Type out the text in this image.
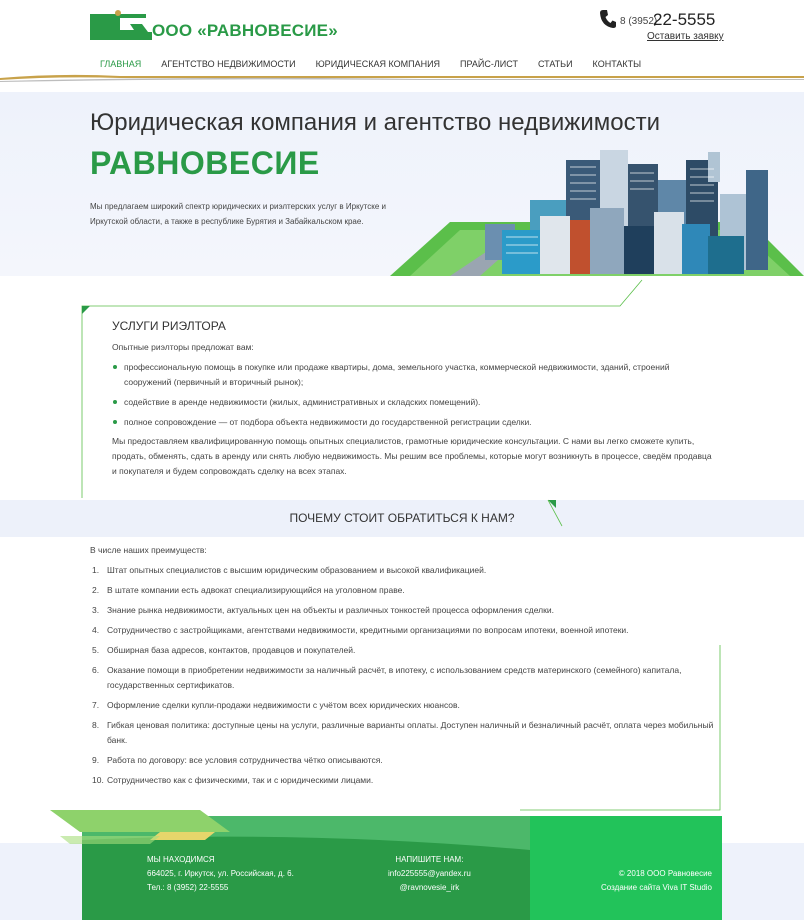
ООО «РАВНОВЕСИЕ»	8 (3952)
22-5555
Оставить заявку
ГЛАВНАЯ АГЕНТСТВО НЕДВИЖИМОСТИ ЮРИДИЧЕСКАЯ КОМПАНИЯ ПРАЙС-ЛИСТ СТАТЬИ КОНТАКТЫ
Юридическая компания и агентство недвижимости
РАВНОВЕСИЕ
Мы предлагаем широкий спектр юридических и риэлтерских услуг в Иркутске и Иркутской области, а также в республике Бурятия и Забайкальском крае.
УСЛУГИ РИЭЛТОРА
Опытные риэлторы предложат вам:
профессиональную помощь в покупке или продаже квартиры, дома, земельного участка, коммерческой недвижимости, зданий, строений сооружений (первичный и вторичный рынок);
содействие в аренде недвижимости (жилых, административных и складских помещений).
полное сопровождение — от подбора объекта недвижимости до государственной регистрации сделки.
Мы предоставляем квалифицированную помощь опытных специалистов, грамотные юридические консультации. С нами вы легко сможете купить, продать, обменять, сдать в аренду или снять любую недвижимость. Мы решим все проблемы, которые могут возникнуть в процессе, сведём продавца и покупателя и будем сопровождать сделку на всех этапах.
ПОЧЕМУ СТОИТ ОБРАТИТЬСЯ К НАМ?
В числе наших преимуществ:
1. Штат опытных специалистов с высшим юридическим образованием и высокой квалификацией.
2. В штате компании есть адвокат специализирующийся на уголовном праве.
3. Знание рынка недвижимости, актуальных цен на объекты и различных тонкостей процесса оформления сделки.
4. Сотрудничество с застройщиками, агентствами недвижимости, кредитными организациями по вопросам ипотеки, военной ипотеки.
5. Обширная база адресов, контактов, продавцов и покупателей.
6. Оказание помощи в приобретении недвижимости за наличный расчёт, в ипотеку, с использованием средств материнского (семейного) капитала, государственных сертификатов.
7. Оформление сделки купли-продажи недвижимости с учётом всех юридических нюансов.
8. Гибкая ценовая политика: доступные цены на услуги, различные варианты оплаты. Доступен наличный и безналичный расчёт, оплата через мобильный банк.
9. Работа по договору: все условия сотрудничества чётко описываются.
10. Сотрудничество как с физическими, так и с юридическими лицами.
МЫ НАХОДИМСЯ
664025, г. Иркутск, ул. Российская, д. 6.
Тел.: 8 (3952) 22-5555
НАПИШИТЕ НАМ:
info225555@yandex.ru
@ravnovesie_irk
© 2018 ООО Равновесие
Создание сайта Viva IT Studio
